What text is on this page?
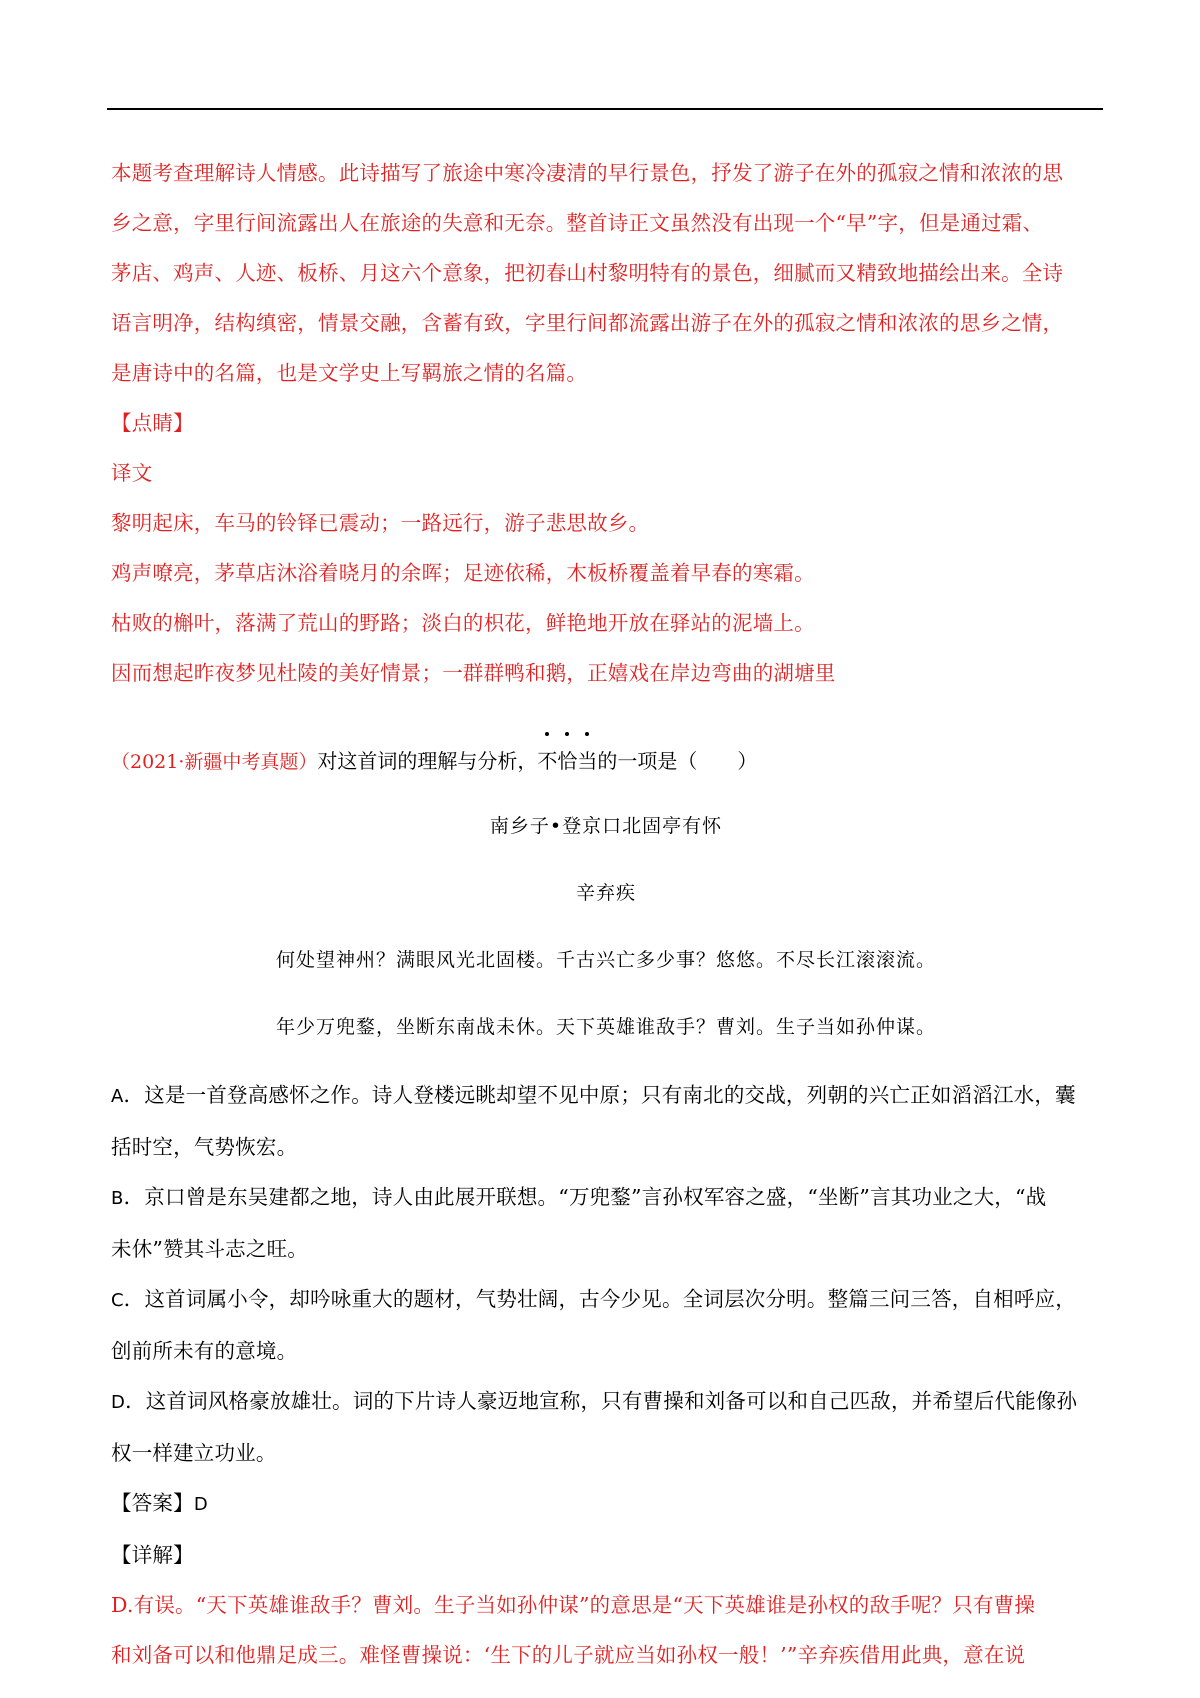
本题考查理解诗人情感。此诗描写了旅途中寒冷凄清的早行景色，抒发了游子在外的孤寂之情和浓浓的思

乡之意，字里行间流露出人在旅途的失意和无奈。整首诗正文虽然没有出现一个“早”字，但是通过霜、

茅店、鸡声、人迹、板桥、月这六个意象，把初春山村黎明特有的景色，细腻而又精致地描绘出来。全诗

语言明净，结构缜密，情景交融，含蓄有致，字里行间都流露出游子在外的孤寂之情和浓浓的思乡之情，

是唐诗中的名篇，也是文学史上写羁旅之情的名篇。

【点睛】

译文

黎明起床，车马的铃铎已震动；一路远行，游子悲思故乡。

鸡声嘹亮，茅草店沐浴着晓月的余晖；足迹依稀，木板桥覆盖着早春的寒霜。

枯败的槲叶，落满了荒山的野路；淡白的枳花，鲜艳地开放在驿站的泥墙上。

因而想起昨夜梦见杜陵的美好情景；一群群鸭和鹅，正嬉戏在岸边弯曲的湖塘里

（2021·新疆中考真题）对这首词的理解与分析，不恰当的一项是（　　）

南乡子•登京口北固亭有怀

辛弃疾

何处望神州？满眼风光北固楼。千古兴亡多少事？悠悠。不尽长江滚滚流。

年少万兜鍪，坐断东南战未休。天下英雄谁敌手？曹刘。生子当如孙仲谋。

A．这是一首登高感怀之作。诗人登楼远眺却望不见中原；只有南北的交战，列朝的兴亡正如滔滔江水，囊

括时空，气势恢宏。

B．京口曾是东吴建都之地，诗人由此展开联想。“万兜鍪”言孙权军容之盛，“坐断”言其功业之大，“战

未休”赞其斗志之旺。

C．这首词属小令，却吟咏重大的题材，气势壮阔，古今少见。全词层次分明。整篇三问三答，自相呼应，

创前所未有的意境。

D．这首词风格豪放雄壮。词的下片诗人豪迈地宣称，只有曹操和刘备可以和自己匹敌，并希望后代能像孙

权一样建立功业。

【答案】D

【详解】

D.有误。“天下英雄谁敌手？曹刘。生子当如孙仲谋”的意思是“天下英雄谁是孙权的敌手呢？只有曹操

和刘备可以和他鼎足成三。难怪曹操说：‘生下的儿子就应当如孙权一般！’”辛弃疾借用此典，意在说
